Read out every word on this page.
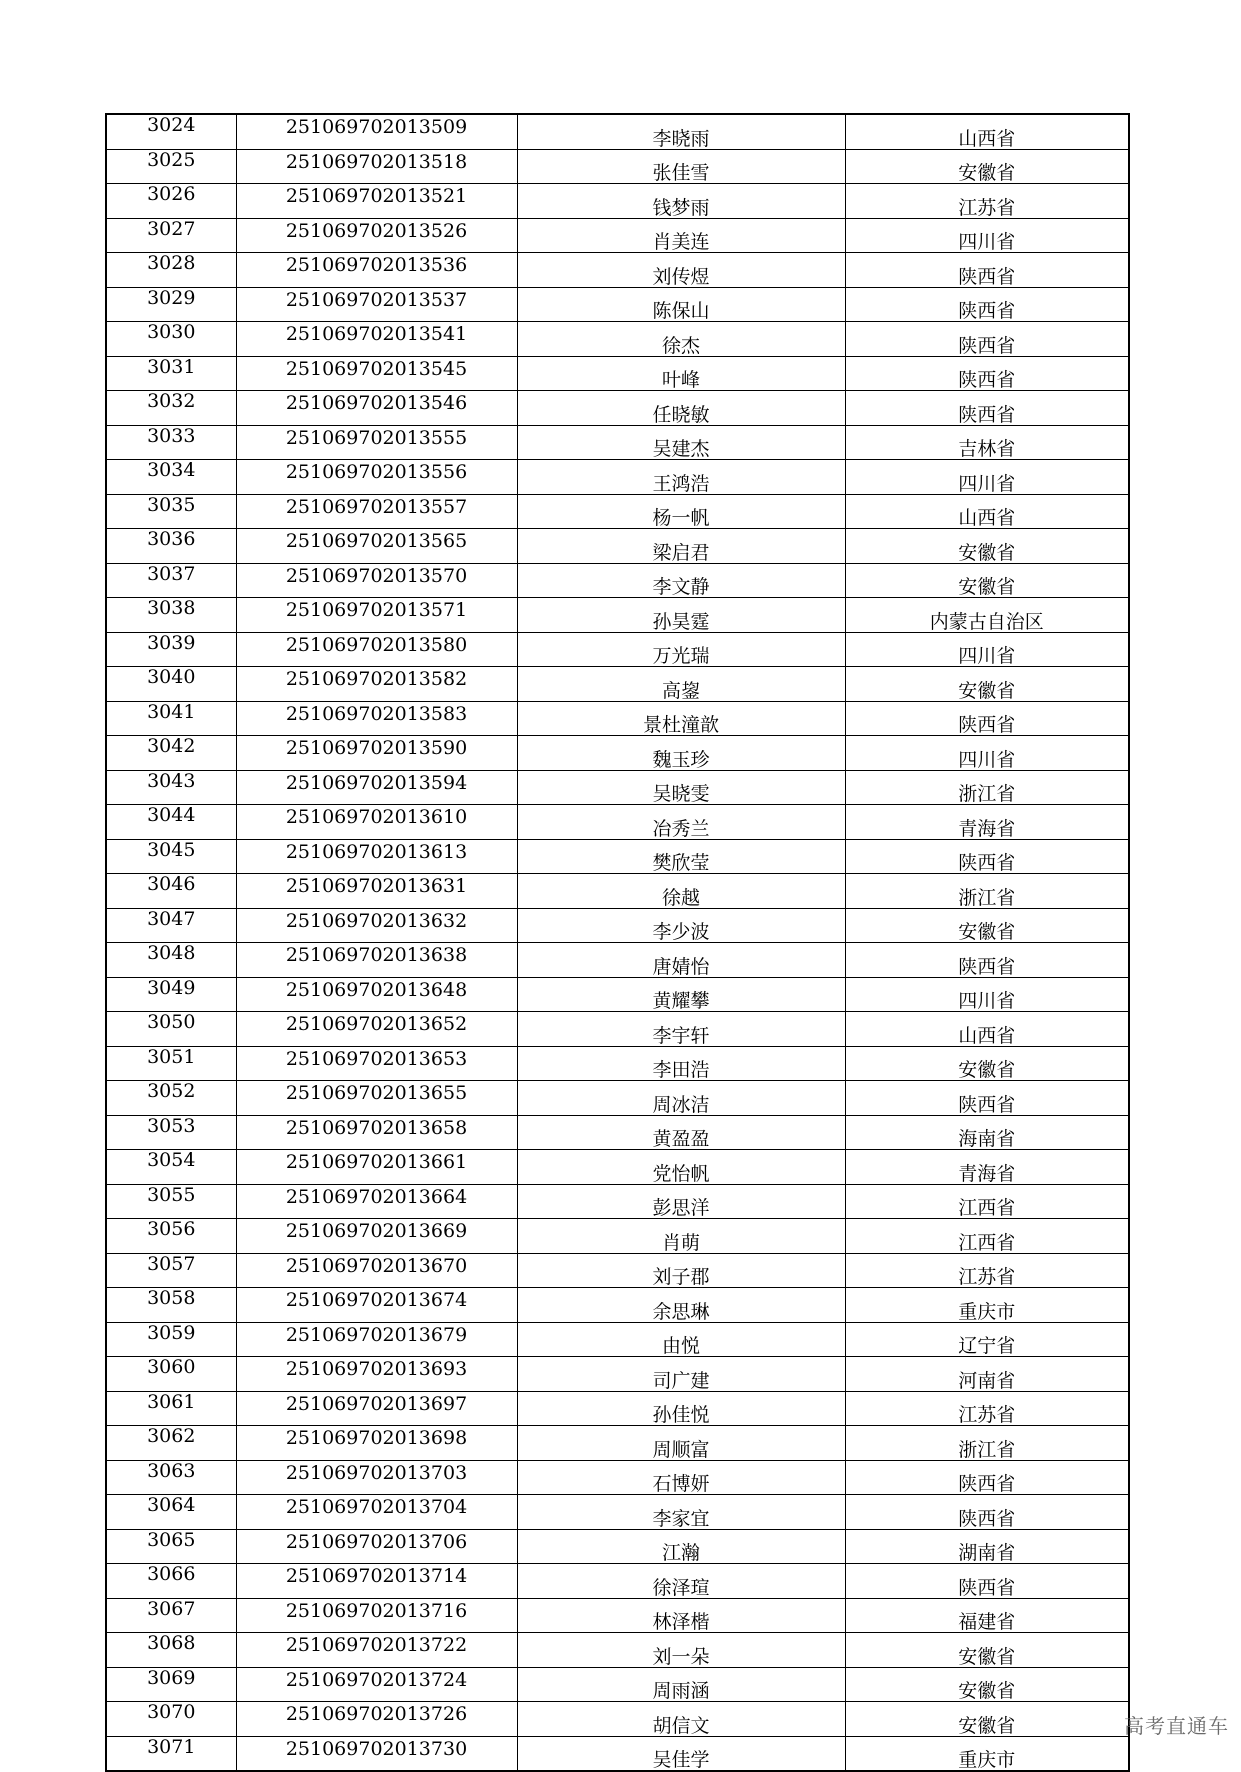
3024	251069702013509	李晓雨	山西省
3025	251069702013518	张佳雪	安徽省
3026	251069702013521	钱梦雨	江苏省
3027	251069702013526	肖美连	四川省
3028	251069702013536	刘传煜	陕西省
3029	251069702013537	陈保山	陕西省
3030	251069702013541	徐杰	陕西省
3031	251069702013545	叶峰	陕西省
3032	251069702013546	任晓敏	陕西省
3033	251069702013555	吴建杰	吉林省
3034	251069702013556	王鸿浩	四川省
3035	251069702013557	杨一帆	山西省
3036	251069702013565	梁启君	安徽省
3037	251069702013570	李文静	安徽省
3038	251069702013571	孙昊霆	内蒙古自治区
3039	251069702013580	万光瑞	四川省
3040	251069702013582	高鋆	安徽省
3041	251069702013583	景杜潼歆	陕西省
3042	251069702013590	魏玉珍	四川省
3043	251069702013594	吴晓雯	浙江省
3044	251069702013610	冶秀兰	青海省
3045	251069702013613	樊欣莹	陕西省
3046	251069702013631	徐越	浙江省
3047	251069702013632	李少波	安徽省
3048	251069702013638	唐婧怡	陕西省
3049	251069702013648	黄耀攀	四川省
3050	251069702013652	李宇轩	山西省
3051	251069702013653	李田浩	安徽省
3052	251069702013655	周冰洁	陕西省
3053	251069702013658	黄盈盈	海南省
3054	251069702013661	党怡帆	青海省
3055	251069702013664	彭思洋	江西省
3056	251069702013669	肖萌	江西省
3057	251069702013670	刘子郡	江苏省
3058	251069702013674	余思琳	重庆市
3059	251069702013679	由悦	辽宁省
3060	251069702013693	司广建	河南省
3061	251069702013697	孙佳悦	江苏省
3062	251069702013698	周顺富	浙江省
3063	251069702013703	石博妍	陕西省
3064	251069702013704	李家宜	陕西省
3065	251069702013706	江瀚	湖南省
3066	251069702013714	徐泽瑄	陕西省
3067	251069702013716	林泽楷	福建省
3068	251069702013722	刘一朵	安徽省
3069	251069702013724	周雨涵	安徽省
3070	251069702013726	胡信文	安徽省
3071	251069702013730	吴佳学	重庆市
高考直通车
